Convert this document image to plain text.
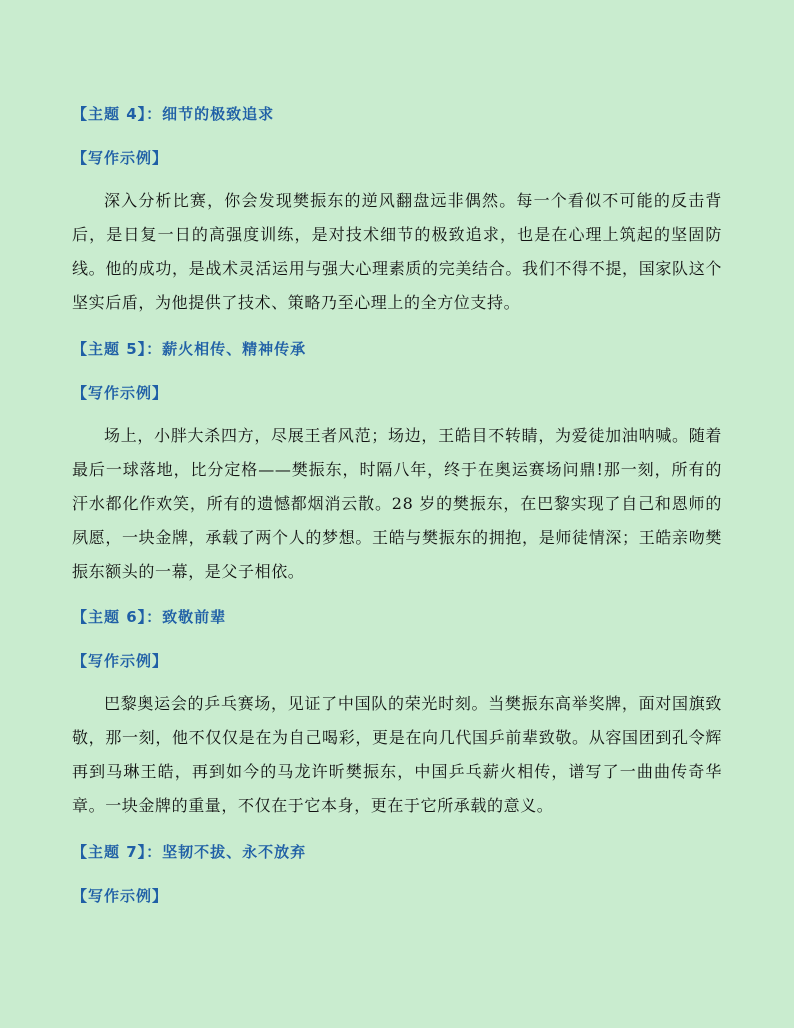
【主题 4】：细节的极致追求
【写作示例】
深入分析比赛，你会发现樊振东的逆风翻盘远非偶然。每一个看似不可能的反击背后，是日复一日的高强度训练，是对技术细节的极致追求，也是在心理上筑起的坚固防线。他的成功，是战术灵活运用与强大心理素质的完美结合。我们不得不提，国家队这个坚实后盾，为他提供了技术、策略乃至心理上的全方位支持。
【主题 5】：薪火相传、精神传承
【写作示例】
场上，小胖大杀四方，尽展王者风范；场边，王皓目不转睛，为爱徒加油呐喊。随着最后一球落地，比分定格——樊振东，时隔八年，终于在奥运赛场问鼎!那一刻，所有的汗水都化作欢笑，所有的遗憾都烟消云散。28 岁的樊振东，在巴黎实现了自己和恩师的夙愿，一块金牌，承载了两个人的梦想。王皓与樊振东的拥抱，是师徒情深；王皓亲吻樊振东额头的一幕，是父子相依。
【主题 6】：致敬前辈
【写作示例】
巴黎奥运会的乒乓赛场，见证了中国队的荣光时刻。当樊振东高举奖牌，面对国旗致敬，那一刻，他不仅仅是在为自己喝彩，更是在向几代国乒前辈致敬。从容国团到孔令辉再到马琳王皓，再到如今的马龙许昕樊振东，中国乒乓薪火相传，谱写了一曲曲传奇华章。一块金牌的重量，不仅在于它本身，更在于它所承载的意义。
【主题 7】：坚韧不拔、永不放弃
【写作示例】
